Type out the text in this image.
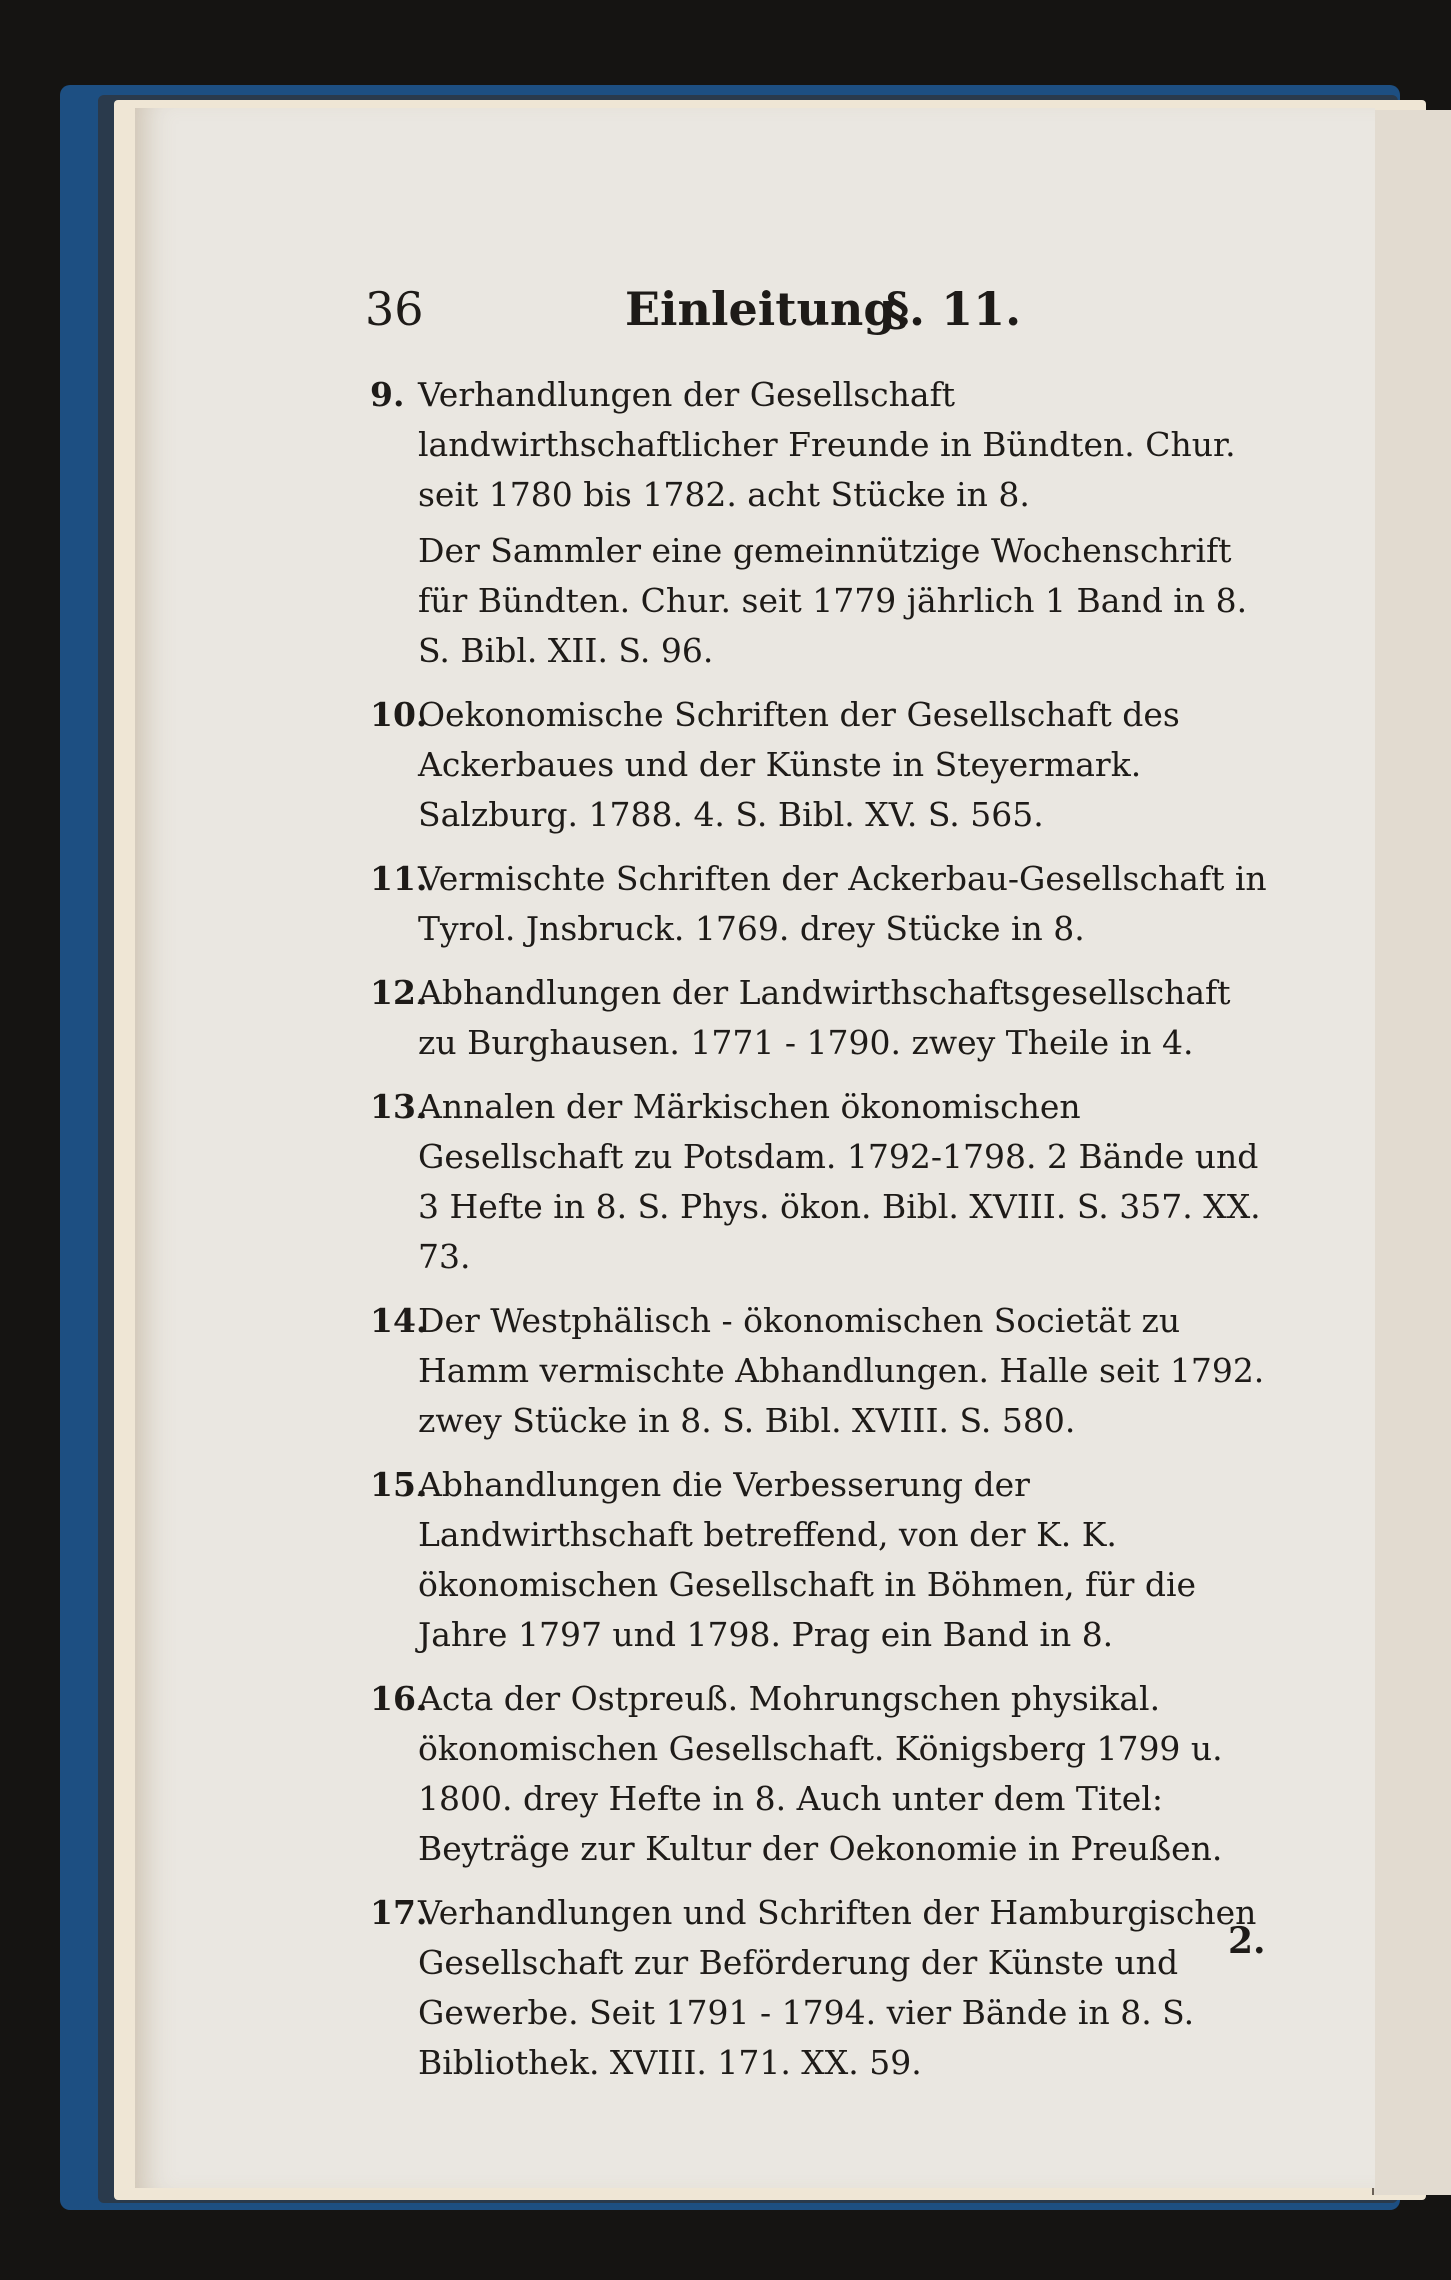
36	Einleitung.
§. 11.
9. Verhandlungen der Gesellschaft landwirthschaftlicher Freunde in Bündten. Chur. seit 1780 bis 1782. acht Stücke in 8.
Der Sammler eine gemeinnützige Wochenschrift für Bündten. Chur. seit 1779 jährlich 1 Band in 8. S. Bibl. XII. S. 96.
10.
Oekonomische Schriften der Gesellschaft des Ackerbaues und der Künste in Steyermark. Salzburg. 1788. 4. S. Bibl. XV. S. 565.
11.
Vermischte Schriften der Ackerbau-Gesellschaft in Tyrol. Jnsbruck. 1769. drey Stücke in 8.
12.
Abhandlungen der Landwirthschaftsgesellschaft zu Burghausen. 1771 - 1790. zwey Theile in 4.
13.
Annalen der Märkischen ökonomischen Gesellschaft zu Potsdam. 1792-1798. 2 Bände und 3 Hefte in 8. S. Phys. ökon. Bibl. XVIII. S. 357. XX. 73.
14.
Der Westphälisch - ökonomischen Societät zu Hamm vermischte Abhandlungen. Halle seit 1792. zwey Stücke in 8. S. Bibl. XVIII. S. 580.
15.
Abhandlungen die Verbesserung der Landwirthschaft betreffend, von der K. K. ökonomischen Gesellschaft in Böhmen, für die Jahre 1797 und 1798. Prag ein Band in 8.
16.
Acta der Ostpreuß. Mohrungschen physikal. ökonomischen Gesellschaft. Königsberg 1799 u. 1800. drey Hefte in 8. Auch unter dem Titel: Beyträge zur Kultur der Oekonomie in Preußen.
17.
Verhandlungen und Schriften der Hamburgischen Gesellschaft zur Beförderung der Künste und Gewerbe. Seit 1791 - 1794. vier Bände in 8. S. Bibliothek. XVIII. 171. XX. 59.
2.
